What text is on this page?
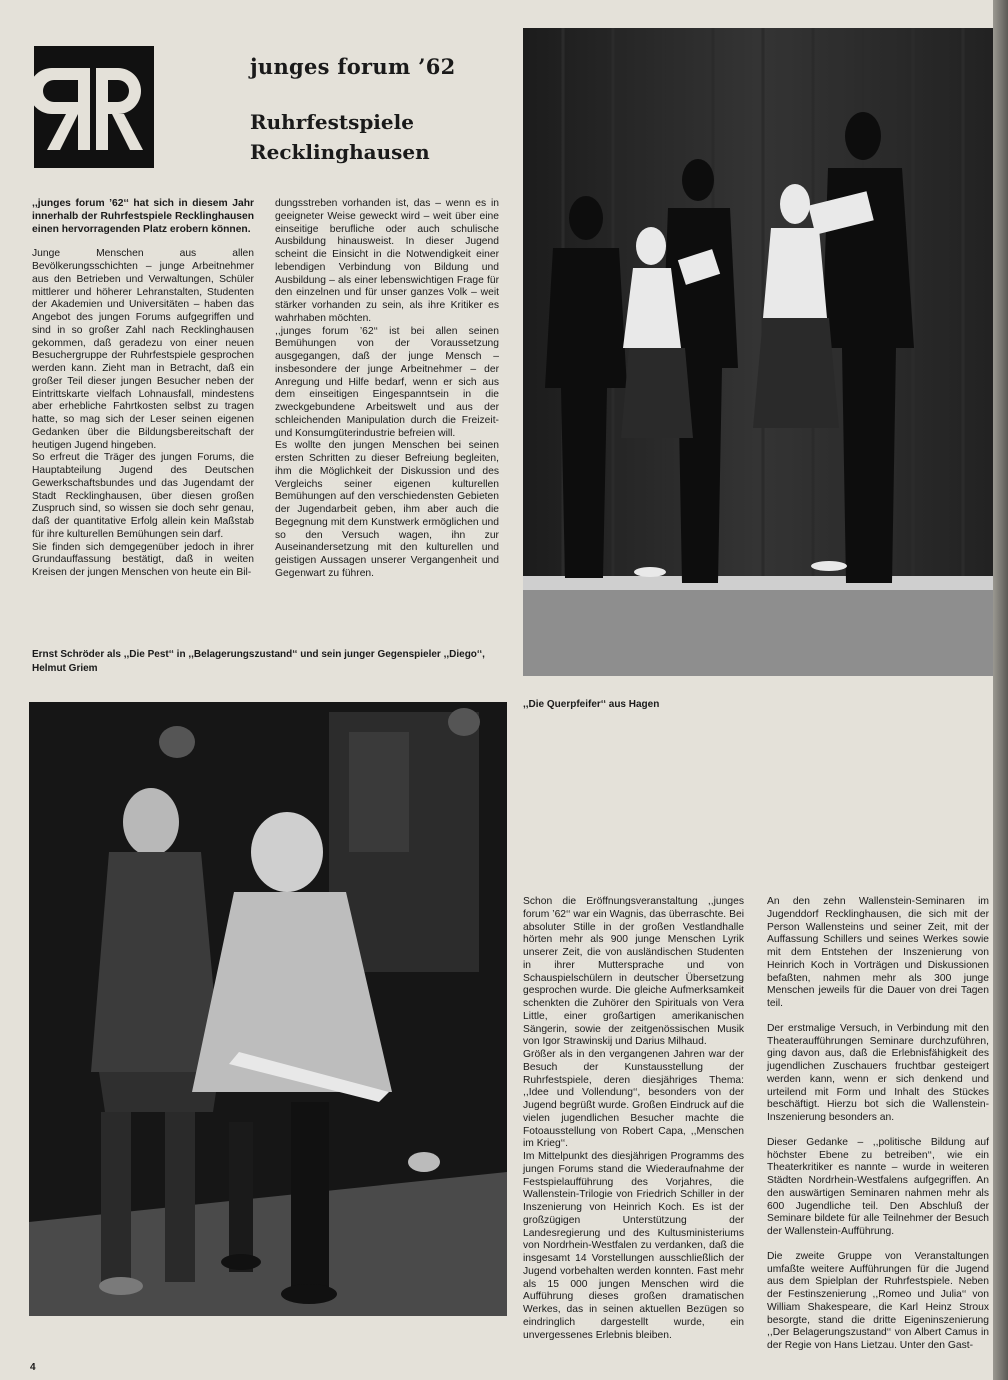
junges forum ’62
Ruhrfestspiele
Recklinghausen

,,junges forum ’62‘‘ hat sich in diesem Jahr innerhalb der Ruhrfestspiele Recklinghausen einen hervorragenden Platz erobern können.

Junge Menschen aus allen Bevölkerungsschichten – junge Arbeitnehmer aus den Betrieben und Verwaltungen, Schüler mittlerer und höherer Lehranstalten, Studenten der Akademien und Universitäten – haben das Angebot des jungen Forums aufgegriffen und sind in so großer Zahl nach Recklinghausen gekommen, daß geradezu von einer neuen Besuchergruppe der Ruhrfestspiele gesprochen werden kann. Zieht man in Betracht, daß ein großer Teil dieser jungen Besucher neben der Eintrittskarte vielfach Lohnausfall, mindestens aber erhebliche Fahrtkosten selbst zu tragen hatte, so mag sich der Leser seinen eigenen Gedanken über die Bildungsbereitschaft der heutigen Jugend hingeben.

So erfreut die Träger des jungen Forums, die Hauptabteilung Jugend des Deutschen Gewerkschaftsbundes und das Jugendamt der Stadt Recklinghausen, über diesen großen Zuspruch sind, so wissen sie doch sehr genau, daß der quantitative Erfolg allein kein Maßstab für ihre kulturellen Bemühungen sein darf.

Sie finden sich demgegenüber jedoch in ihrer Grundauffassung bestätigt, daß in weiten Kreisen der jungen Menschen von heute ein Bil-

dungsstreben vorhanden ist, das – wenn es in geeigneter Weise geweckt wird – weit über eine einseitige berufliche oder auch schulische Ausbildung hinausweist. In dieser Jugend scheint die Einsicht in die Notwendigkeit einer lebendigen Verbindung von Bildung und Ausbildung – als einer lebenswichtigen Frage für den einzelnen und für unser ganzes Volk – weit stärker vorhanden zu sein, als ihre Kritiker es wahrhaben möchten.

,,junges forum ’62‘‘ ist bei allen seinen Bemühungen von der Voraussetzung ausgegangen, daß der junge Mensch – insbesondere der junge Arbeitnehmer – der Anregung und Hilfe bedarf, wenn er sich aus dem einseitigen Eingespanntsein in die zweckgebundene Arbeitswelt und aus der schleichenden Manipulation durch die Freizeit- und Konsumgüterindustrie befreien will.

Es wollte den jungen Menschen bei seinen ersten Schritten zu dieser Befreiung begleiten, ihm die Möglichkeit der Diskussion und des Vergleichs seiner eigenen kulturellen Bemühungen auf den verschiedensten Gebieten der Jugendarbeit geben, ihm aber auch die Begegnung mit dem Kunstwerk ermöglichen und so den Versuch wagen, ihn zur Auseinandersetzung mit den kulturellen und geistigen Aussagen unserer Vergangenheit und Gegenwart zu führen.

Ernst Schröder als ,,Die Pest‘‘ in ,,Belagerungszustand‘‘ und sein junger Gegenspieler ,,Diego‘‘, Helmut Griem
,,Die Querpfeifer‘‘ aus Hagen

Schon die Eröffnungsveranstaltung ,,junges forum ’62‘‘ war ein Wagnis, das überraschte. Bei absoluter Stille in der großen Vestlandhalle hörten mehr als 900 junge Menschen Lyrik unserer Zeit, die von ausländischen Studenten in ihrer Muttersprache und von Schauspielschülern in deutscher Übersetzung gesprochen wurde. Die gleiche Aufmerksamkeit schenkten die Zuhörer den Spirituals von Vera Little, einer großartigen amerikanischen Sängerin, sowie der zeitgenössischen Musik von Igor Strawinskij und Darius Milhaud.

Größer als in den vergangenen Jahren war der Besuch der Kunstausstellung der Ruhrfestspiele, deren diesjähriges Thema: ,,Idee und Vollendung‘‘, besonders von der Jugend begrüßt wurde. Großen Eindruck auf die vielen jugendlichen Besucher machte die Fotoausstellung von Robert Capa, ,,Menschen im Krieg‘‘.

Im Mittelpunkt des diesjährigen Programms des jungen Forums stand die Wiederaufnahme der Festspielaufführung des Vorjahres, die Wallenstein-Trilogie von Friedrich Schiller in der Inszenierung von Heinrich Koch. Es ist der großzügigen Unterstützung der Landesregierung und des Kultusministeriums von Nordrhein-Westfalen zu verdanken, daß die insgesamt 14 Vorstellungen ausschließlich der Jugend vorbehalten werden konnten. Fast mehr als 15 000 jungen Menschen wird die Aufführung dieses großen dramatischen Werkes, das in seinen aktuellen Bezügen so eindringlich dargestellt wurde, ein unvergessenes Erlebnis bleiben.

An den zehn Wallenstein-Seminaren im Jugenddorf Recklinghausen, die sich mit der Person Wallensteins und seiner Zeit, mit der Auffassung Schillers und seines Werkes sowie mit dem Entstehen der Inszenierung von Heinrich Koch in Vorträgen und Diskussionen befaßten, nahmen mehr als 300 junge Menschen jeweils für die Dauer von drei Tagen teil.

Der erstmalige Versuch, in Verbindung mit den Theateraufführungen Seminare durchzuführen, ging davon aus, daß die Erlebnisfähigkeit des jugendlichen Zuschauers fruchtbar gesteigert werden kann, wenn er sich denkend und urteilend mit Form und Inhalt des Stückes beschäftigt. Hierzu bot sich die Wallenstein-Inszenierung besonders an.

Dieser Gedanke – ,,politische Bildung auf höchster Ebene zu betreiben‘‘, wie ein Theaterkritiker es nannte – wurde in weiteren Städten Nordrhein-Westfalens aufgegriffen. An den auswärtigen Seminaren nahmen mehr als 600 Jugendliche teil. Den Abschluß der Seminare bildete für alle Teilnehmer der Besuch der Wallenstein-Aufführung.

Die zweite Gruppe von Veranstaltungen umfaßte weitere Aufführungen für die Jugend aus dem Spielplan der Ruhrfestspiele. Neben der Festinszenierung ,,Romeo und Julia‘‘ von William Shakespeare, die Karl Heinz Stroux besorgte, stand die dritte Eigeninszenierung ,,Der Belagerungszustand‘‘ von Albert Camus in der Regie von Hans Lietzau. Unter den Gast-

4
